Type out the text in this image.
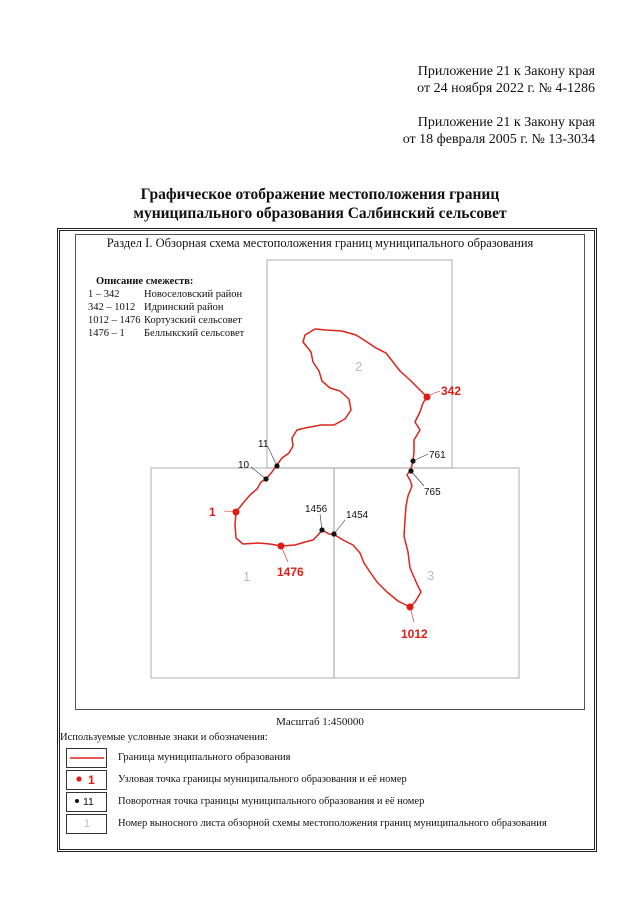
Приложение 21 к Закону края
от 24 ноября 2022 г. № 4-1286
Приложение 21 к Закону края
от 18 февраля 2005 г. № 13-3034
Графическое отображение местоположения границ
муниципального образования Салбинский сельсовет
Раздел I. Обзорная схема местоположения границ муниципального образования
1
2
3
1
342
1012
1476
10
11
761
765
1454
1456
Описание смежеств:
1 – 342	Новоселовский район
342 – 1012 Идринский район
1012 – 1476 Кортузский сельсовет
1476 – 1	Беллыкский сельсовет
Масштаб 1:450000
Используемые условные знаки и обозначения:
Граница муниципального образования
1 Узловая точка границы муниципального образования и её номер
11 Поворотная точка границы муниципального образования и её номер
1	Номер выносного листа обзорной схемы местоположения границ муниципального образования
